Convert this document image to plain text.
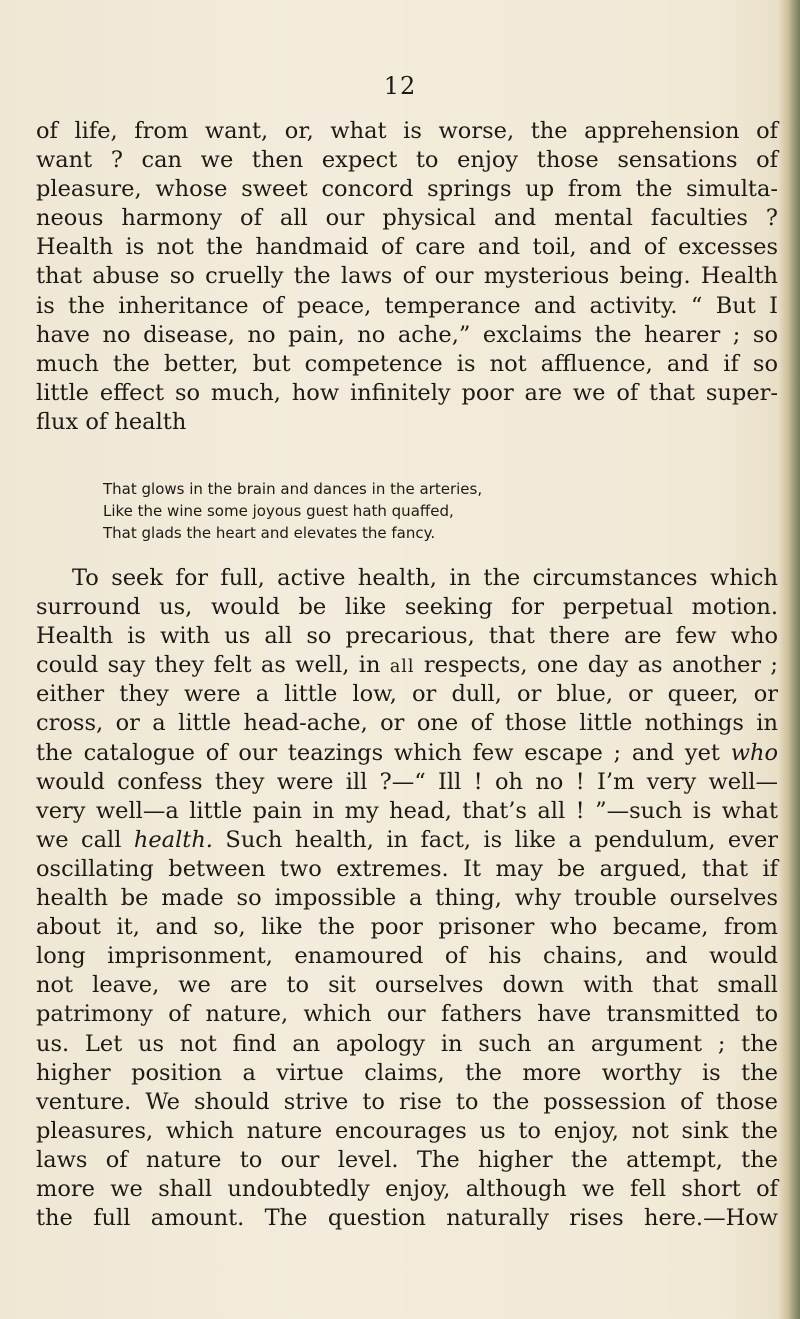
12
of life, from want, or, what is worse, the apprehension of
want ? can we then expect to enjoy those sensations of
pleasure, whose sweet concord springs up from the simulta-
neous harmony of all our physical and mental faculties ?
Health is not the handmaid of care and toil, and of excesses
that abuse so cruelly the laws of our mysterious being. Health
is the inheritance of peace, temperance and activity. “ But I
have no disease, no pain, no ache,” exclaims the hearer ; so
much the better, but competence is not affluence, and if so
little effect so much, how infinitely poor are we of that super-
flux of health
That glows in the brain and dances in the arteries,
Like the wine some joyous guest hath quaffed,
That glads the heart and elevates the fancy.
To seek for full, active health, in the circumstances which
surround us, would be like seeking for perpetual motion.
Health is with us all so precarious, that there are few who
could say they felt as well, in all respects, one day as another ;
either they were a little low, or dull, or blue, or queer, or
cross, or a little head-ache, or one of those little nothings in
the catalogue of our teazings which few escape ; and yet who
would confess they were ill ?—“ Ill ! oh no ! I’m very well—
very well—a little pain in my head, that’s all ! ”—such is what
we call health. Such health, in fact, is like a pendulum, ever
oscillating between two extremes. It may be argued, that if
health be made so impossible a thing, why trouble ourselves
about it, and so, like the poor prisoner who became, from
long imprisonment, enamoured of his chains, and would
not leave, we are to sit ourselves down with that small
patrimony of nature, which our fathers have transmitted to
us. Let us not find an apology in such an argument ; the
higher position a virtue claims, the more worthy is the
venture. We should strive to rise to the possession of those
pleasures, which nature encourages us to enjoy, not sink the
laws of nature to our level. The higher the attempt, the
more we shall undoubtedly enjoy, although we fell short of
the full amount. The question naturally rises here.—How
